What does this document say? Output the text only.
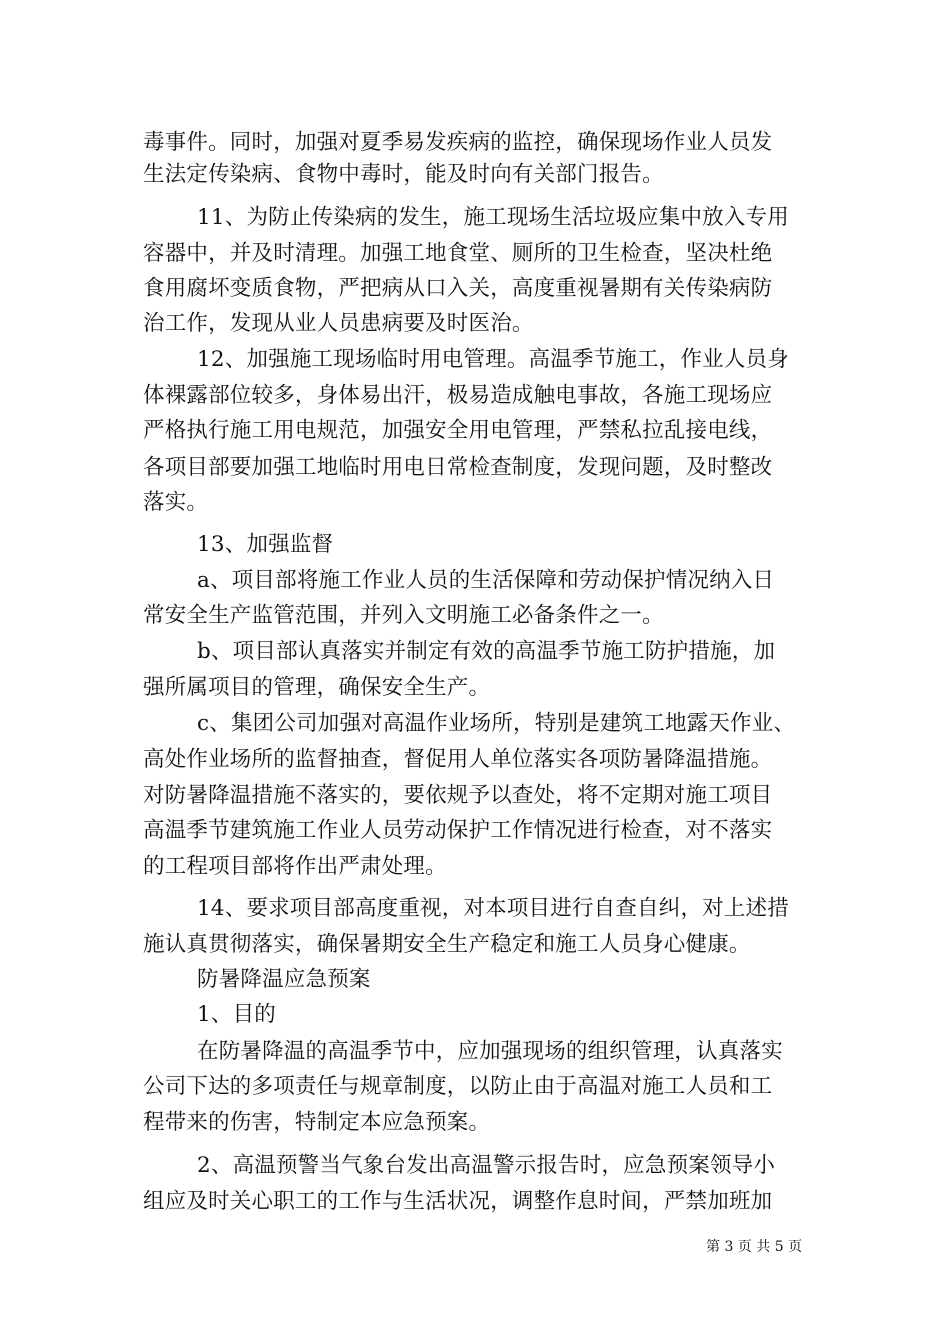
毒事件。同时，加强对夏季易发疾病的监控，确保现场作业人员发
生法定传染病、食物中毒时，能及时向有关部门报告。
11、为防止传染病的发生，施工现场生活垃圾应集中放入专用
容器中，并及时清理。加强工地食堂、厕所的卫生检查，坚决杜绝
食用腐坏变质食物，严把病从口入关，高度重视暑期有关传染病防
治工作，发现从业人员患病要及时医治。
12、加强施工现场临时用电管理。高温季节施工，作业人员身
体裸露部位较多，身体易出汗，极易造成触电事故，各施工现场应
严格执行施工用电规范，加强安全用电管理，严禁私拉乱接电线，
各项目部要加强工地临时用电日常检查制度，发现问题，及时整改
落实。
13、加强监督
a、项目部将施工作业人员的生活保障和劳动保护情况纳入日
常安全生产监管范围，并列入文明施工必备条件之一。
b、项目部认真落实并制定有效的高温季节施工防护措施，加
强所属项目的管理，确保安全生产。
c、集团公司加强对高温作业场所，特别是建筑工地露天作业、
高处作业场所的监督抽查，督促用人单位落实各项防暑降温措施。
对防暑降温措施不落实的，要依规予以查处，将不定期对施工项目
高温季节建筑施工作业人员劳动保护工作情况进行检查，对不落实
的工程项目部将作出严肃处理。
14、要求项目部高度重视，对本项目进行自查自纠，对上述措
施认真贯彻落实，确保暑期安全生产稳定和施工人员身心健康。
防暑降温应急预案
1、目的
在防暑降温的高温季节中，应加强现场的组织管理，认真落实
公司下达的多项责任与规章制度，以防止由于高温对施工人员和工
程带来的伤害，特制定本应急预案。
2、高温预警当气象台发出高温警示报告时，应急预案领导小
组应及时关心职工的工作与生活状况，调整作息时间，严禁加班加
第 3 页 共 5 页
